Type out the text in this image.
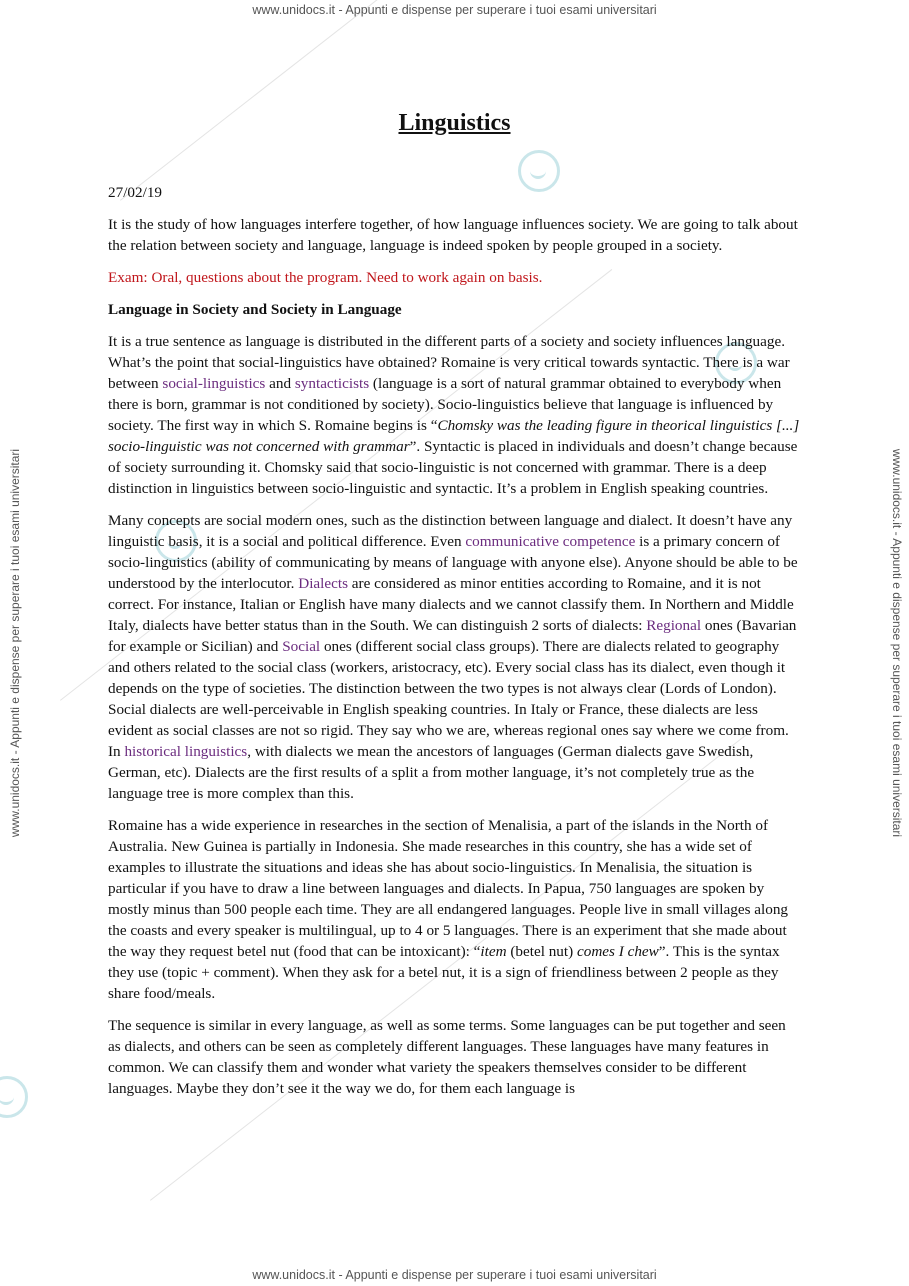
www.unidocs.it - Appunti e dispense per superare i tuoi esami universitari
www.unidocs.it - Appunti e dispense per superare i tuoi esami universitari
www.unidocs.it - Appunti e dispense per superare i tuoi esami universitari	www.unidocs.it - Appunti e dispense per superare i tuoi esami universitari
Linguistics
27/02/19

It is the study of how languages interfere together, of how language influences society. We are going to talk about the relation between society and language, language is indeed spoken by people grouped in a society.

Exam: Oral, questions about the program. Need to work again on basis.

Language in Society and Society in Language

It is a true sentence as language is distributed in the different parts of a society and society influences language. What’s the point that social-linguistics have obtained? Romaine is very critical towards syntactic. There is a war between social-linguistics and syntacticists (language is a sort of natural grammar obtained to everybody when there is born, grammar is not conditioned by society). Socio-linguistics believe that language is influenced by society. The first way in which S. Romaine begins is “Chomsky was the leading figure in theorical linguistics [...] socio-linguistic was not concerned with grammar”. Syntactic is placed in individuals and doesn’t change because of society surrounding it. Chomsky said that socio-linguistic is not concerned with grammar. There is a deep distinction in linguistics between socio-linguistic and syntactic. It’s a problem in English speaking countries.

Many concepts are social modern ones, such as the distinction between language and dialect. It doesn’t have any linguistic basis, it is a social and political difference. Even communicative competence is a primary concern of socio-linguistics (ability of communicating by means of language with anyone else). Anyone should be able to be understood by the interlocutor. Dialects are considered as minor entities according to Romaine, and it is not correct. For instance, Italian or English have many dialects and we cannot classify them. In Northern and Middle Italy, dialects have better status than in the South. We can distinguish 2 sorts of dialects: Regional ones (Bavarian for example or Sicilian) and Social ones (different social class groups). There are dialects related to geography and others related to the social class (workers, aristocracy, etc). Every social class has its dialect, even though it depends on the type of societies. The distinction between the two types is not always clear (Lords of London). Social dialects are well-perceivable in English speaking countries. In Italy or France, these dialects are less evident as social classes are not so rigid. They say who we are, whereas regional ones say where we come from. In historical linguistics, with dialects we mean the ancestors of languages (German dialects gave Swedish, German, etc). Dialects are the first results of a split a from mother language, it’s not completely true as the language tree is more complex than this.

Romaine has a wide experience in researches in the section of Menalisia, a part of the islands in the North of Australia. New Guinea is partially in Indonesia. She made researches in this country, she has a wide set of examples to illustrate the situations and ideas she has about socio-linguistics. In Menalisia, the situation is particular if you have to draw a line between languages and dialects. In Papua, 750 languages are spoken by mostly minus than 500 people each time. They are all endangered languages. People live in small villages along the coasts and every speaker is multilingual, up to 4 or 5 languages. There is an experiment that she made about the way they request betel nut (food that can be intoxicant): “item (betel nut) comes I chew”. This is the syntax they use (topic + comment). When they ask for a betel nut, it is a sign of friendliness between 2 people as they share food/meals.

The sequence is similar in every language, as well as some terms. Some languages can be put together and seen as dialects, and others can be seen as completely different languages. These languages have many features in common. We can classify them and wonder what variety the speakers themselves consider to be different languages. Maybe they don’t see it the way we do, for them each language is
